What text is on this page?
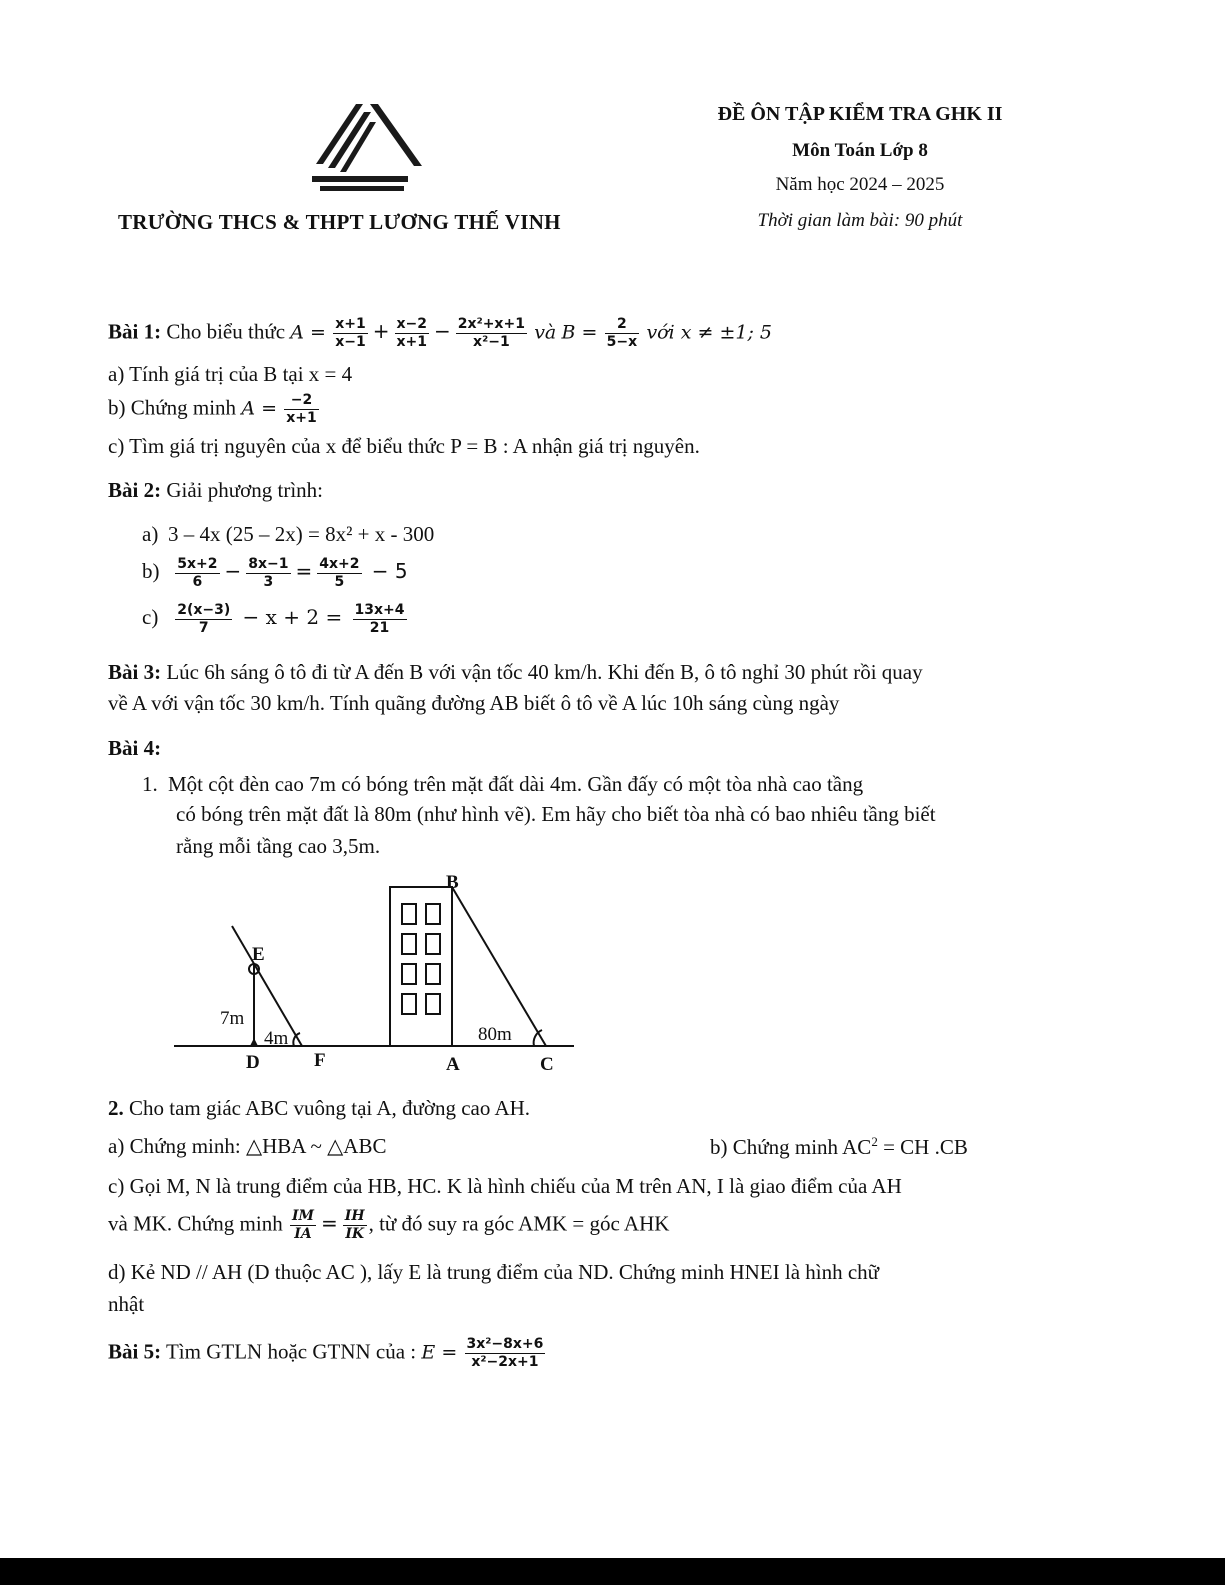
TRƯỜNG THCS & THPT LƯƠNG THẾ VINH
ĐỀ ÔN TẬP KIỂM TRA GHK II
Môn Toán Lớp 8
Năm học 2024 – 2025
Thời gian làm bài: 90 phút
Bài 1: Cho biểu thức $A = \frac{x+1}{x-1} + \frac{x-2}{x+1} - \frac{\text{2x²+x+1}}{\text{x²−1}}$ và $B = \frac{2}{5-x}$ với x ≠ ±1; 5
a) Tính giá trị của B tại x = 4
b) Chứng minh $A = \frac{-2}{x+1}$
c) Tìm giá trị nguyên của x để biểu thức P = B : A nhận giá trị nguyên.
Bài 2: Giải phương trình:
a) 3 – 4x (25 – 2x) = 8x² + x - 300
$b) \frac{5x+2}{6} - \frac{8x-1}{3} = \frac{4x+2}{5} - 5$
$c) \frac{2(x-3)}{7} - x + 2 = \frac{13x+4}{21}$
Bài 3: Lúc 6h sáng ô tô đi từ A đến B với vận tốc 40 km/h. Khi đến B, ô tô nghỉ 30 phút rồi quay
về A với vận tốc 30 km/h. Tính quãng đường AB biết ô tô về A lúc 10h sáng cùng ngày
Bài 4:
1. Một cột đèn cao 7m có bóng trên mặt đất dài 4m. Gần đấy có một tòa nhà cao tầng
có bóng trên mặt đất là 80m (như hình vẽ). Em hãy cho biết tòa nhà có bao nhiêu tầng biết
rằng mỗi tầng cao 3,5m.
E
7m
4m
D	F
B
80m
A	C
2. Cho tam giác ABC vuông tại A, đường cao AH.
a) Chứng minh: △HBA ~ △ABC	b) Chứng minh $AC^2$ = CH .CB
c) Gọi M, N là trung điểm của HB, HC. K là hình chiếu của M trên AN, I là giao điểm của AH
và MK. Chứng minh $\frac{IM}{IA} = \frac{IH}{IK}$ , từ đó suy ra góc AMK = góc AHK
d) Kẻ ND // AH (D thuộc AC ), lấy E là trung điểm của ND. Chứng minh HNEI là hình chữ
nhật
Bài 5: Tìm GTLN hoặc GTNN của : $E = \frac{\text{3x²−8x+6}}{\text{x²−2x+1}}$
